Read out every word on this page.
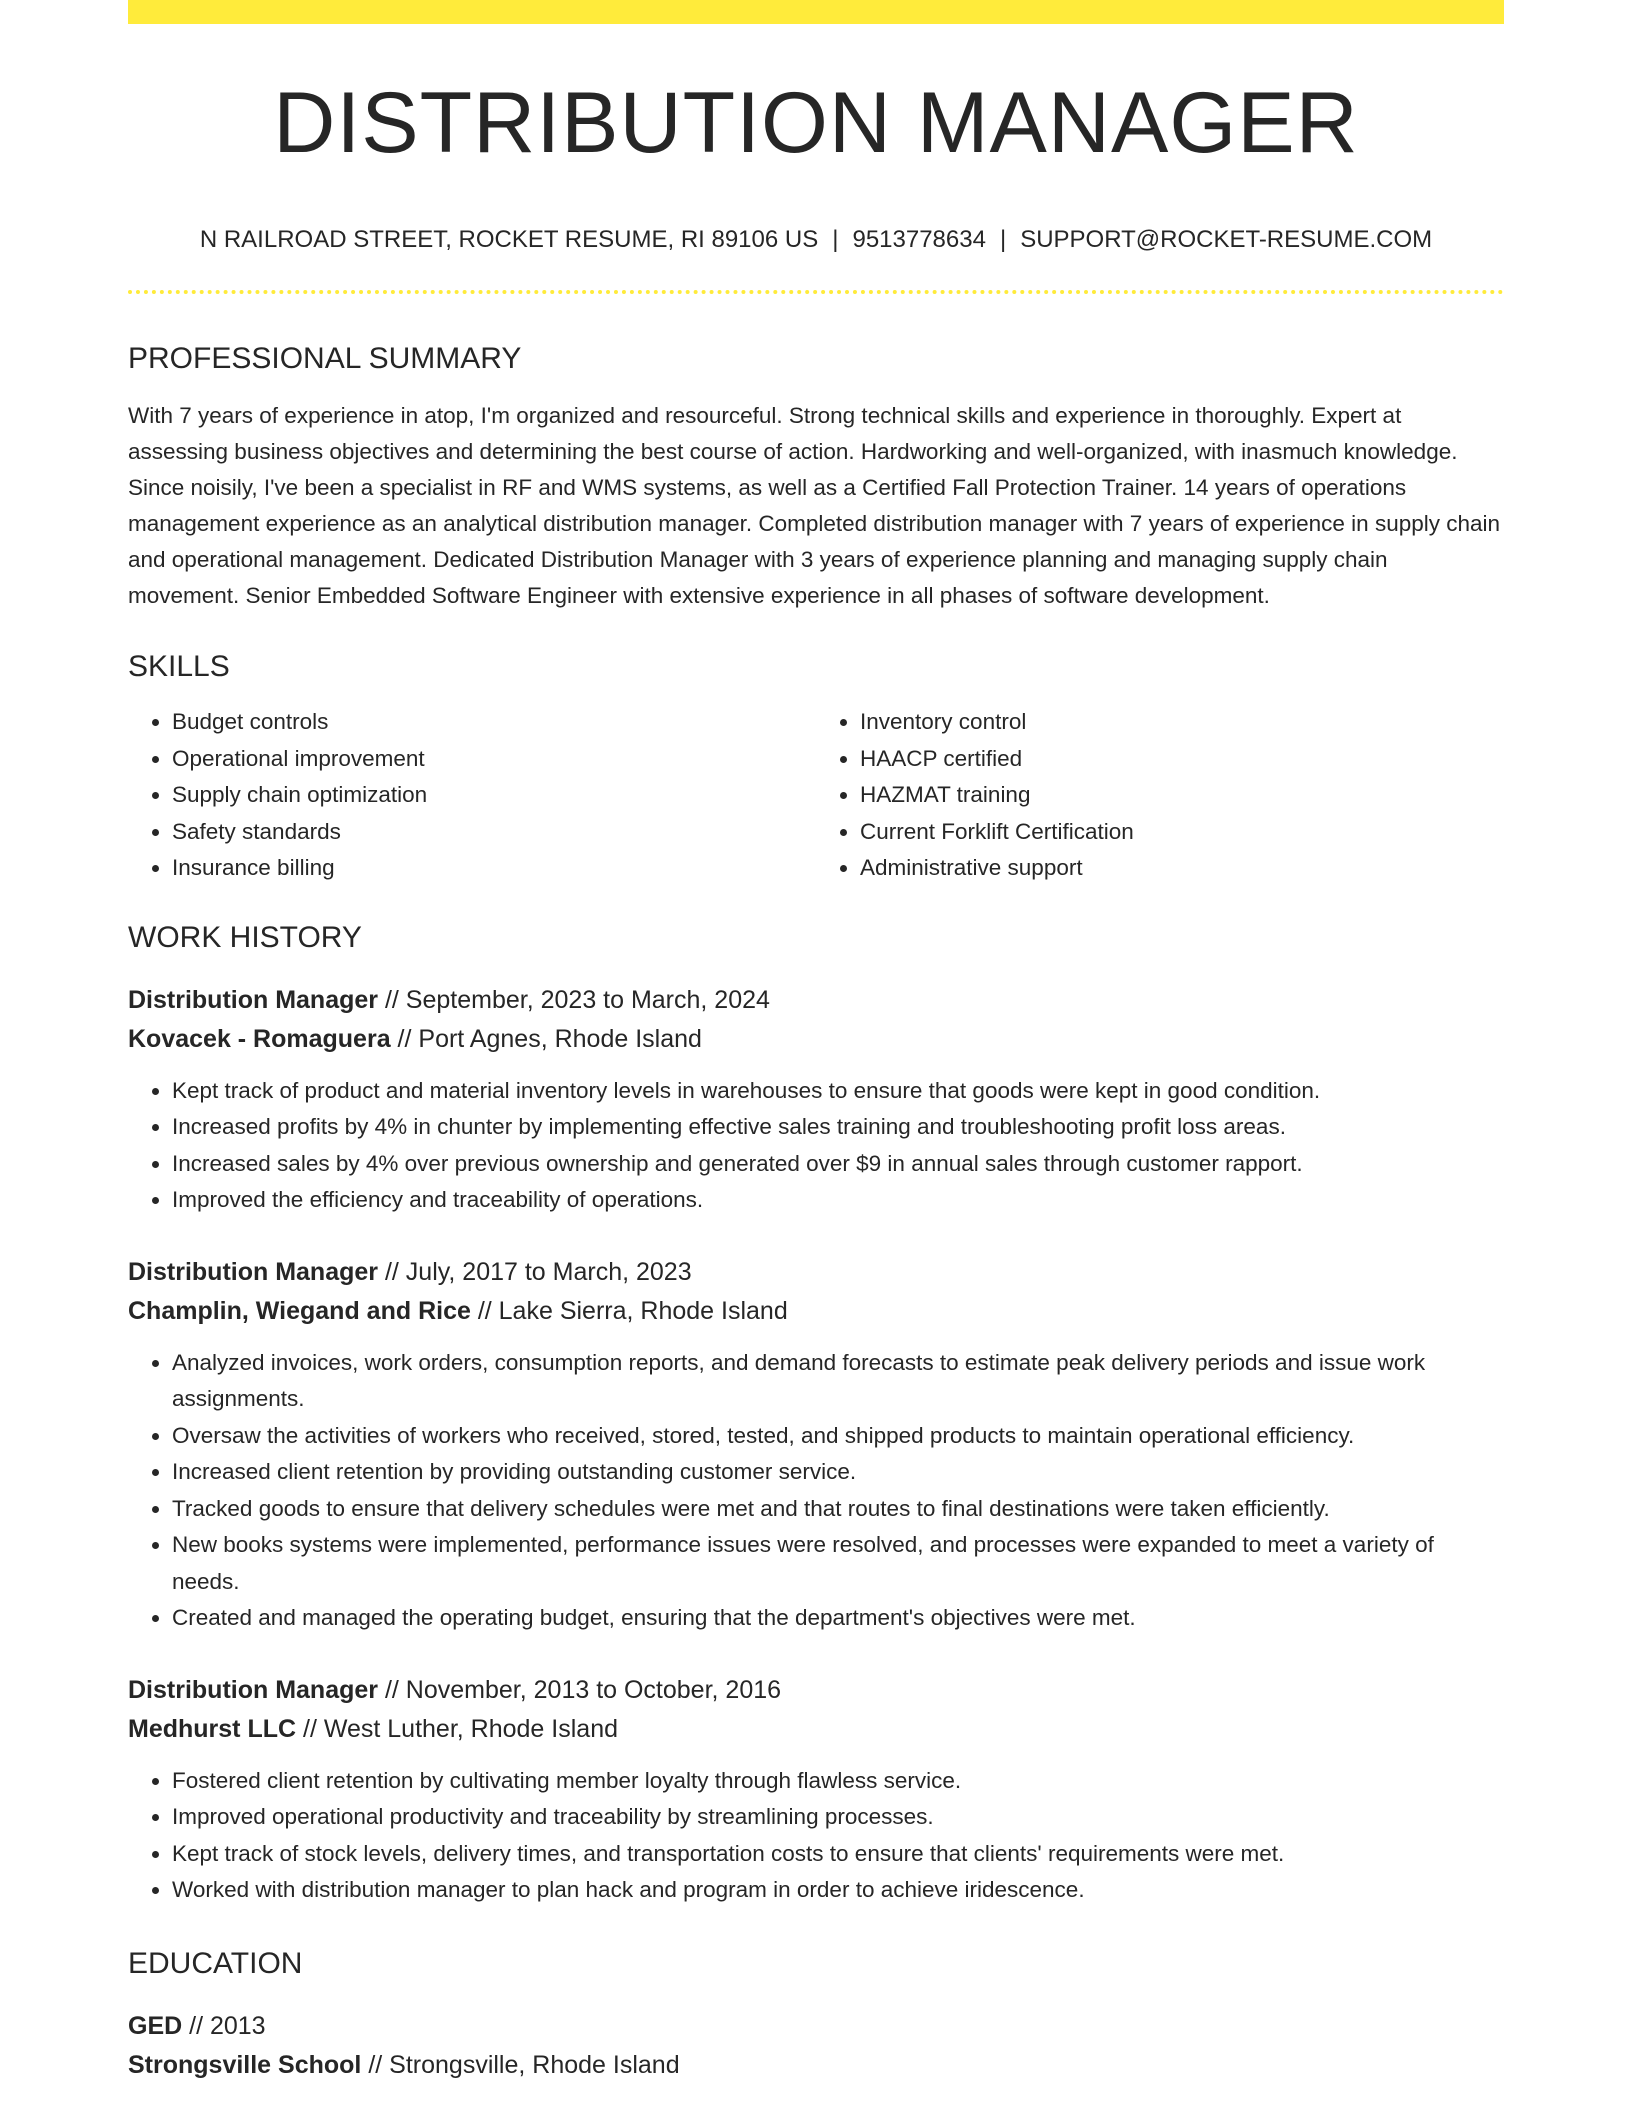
DISTRIBUTION MANAGER
N RAILROAD STREET, ROCKET RESUME, RI 89106 US | 9513778634 | SUPPORT@ROCKET-RESUME.COM
PROFESSIONAL SUMMARY
With 7 years of experience in atop, I'm organized and resourceful. Strong technical skills and experience in thoroughly. Expert at assessing business objectives and determining the best course of action. Hardworking and well-organized, with inasmuch knowledge. Since noisily, I've been a specialist in RF and WMS systems, as well as a Certified Fall Protection Trainer. 14 years of operations management experience as an analytical distribution manager. Completed distribution manager with 7 years of experience in supply chain and operational management. Dedicated Distribution Manager with 3 years of experience planning and managing supply chain movement. Senior Embedded Software Engineer with extensive experience in all phases of software development.
SKILLS
• Budget controls
• Operational improvement
• Supply chain optimization
• Safety standards
• Insurance billing
• Inventory control
• HAACP certified
• HAZMAT training
• Current Forklift Certification
• Administrative support
WORK HISTORY
Distribution Manager // September, 2023 to March, 2024
Kovacek - Romaguera // Port Agnes, Rhode Island
• Kept track of product and material inventory levels in warehouses to ensure that goods were kept in good condition.
• Increased profits by 4% in chunter by implementing effective sales training and troubleshooting profit loss areas.
• Increased sales by 4% over previous ownership and generated over $9 in annual sales through customer rapport.
• Improved the efficiency and traceability of operations.
Distribution Manager // July, 2017 to March, 2023
Champlin, Wiegand and Rice // Lake Sierra, Rhode Island
• Analyzed invoices, work orders, consumption reports, and demand forecasts to estimate peak delivery periods and issue work assignments.
• Oversaw the activities of workers who received, stored, tested, and shipped products to maintain operational efficiency.
• Increased client retention by providing outstanding customer service.
• Tracked goods to ensure that delivery schedules were met and that routes to final destinations were taken efficiently.
• New books systems were implemented, performance issues were resolved, and processes were expanded to meet a variety of needs.
• Created and managed the operating budget, ensuring that the department's objectives were met.
Distribution Manager // November, 2013 to October, 2016
Medhurst LLC // West Luther, Rhode Island
• Fostered client retention by cultivating member loyalty through flawless service.
• Improved operational productivity and traceability by streamlining processes.
• Kept track of stock levels, delivery times, and transportation costs to ensure that clients' requirements were met.
• Worked with distribution manager to plan hack and program in order to achieve iridescence.
EDUCATION
GED // 2013
Strongsville School // Strongsville, Rhode Island
